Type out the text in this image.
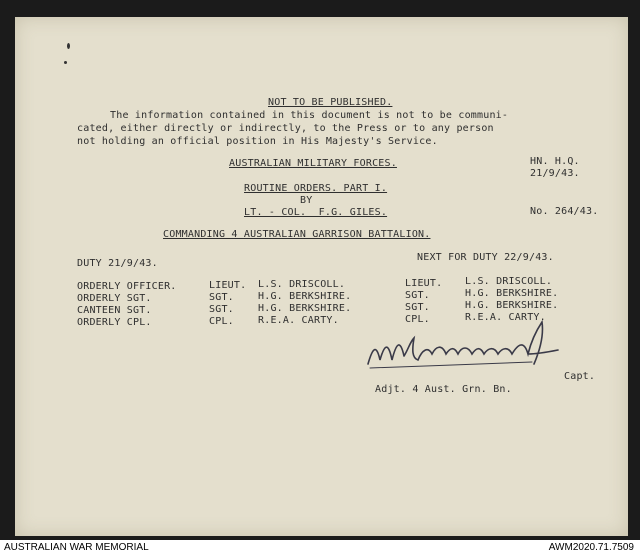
NOT TO BE PUBLISHED.
The information contained in this document is not to be communi-
cated, either directly or indirectly, to the Press or to any person
not holding an official position in His Majesty's Service.
AUSTRALIAN MILITARY FORCES.	HN. H.Q.
21/9/43.
ROUTINE ORDERS. PART I.
BY
LT. - COL.  F.G. GILES.	No. 264/43.
COMMANDING 4 AUSTRALIAN GARRISON BATTALION.
DUTY 21/9/43.
NEXT FOR DUTY 22/9/43.
ORDERLY OFFICER.	LIEUT. L.S. DRISCOLL.	LIEUT. L.S. DRISCOLL.
ORDERLY SGT.	SGT. H.G. BERKSHIRE.	SGT.	H.G. BERKSHIRE.
CANTEEN SGT.	SGT. H.G. BERKSHIRE.	SGT.	H.G. BERKSHIRE.
ORDERLY CPL.	CPL. R.E.A. CARTY.	CPL.	R.E.A. CARTY.
Capt.
Adjt. 4 Aust. Grn. Bn.
AUSTRALIAN WAR MEMORIAL	AWM2020.71.7509
